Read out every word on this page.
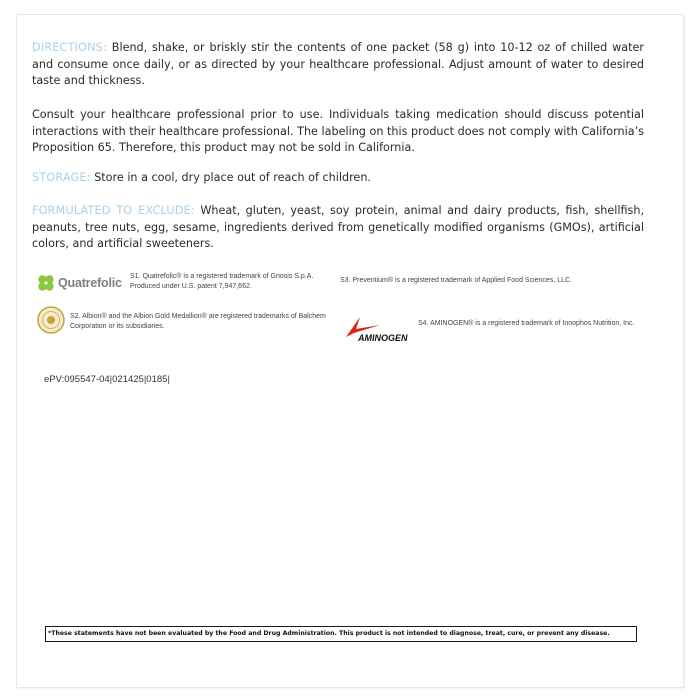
DIRECTIONS: Blend, shake, or briskly stir the contents of one packet (58 g) into 10-12 oz of chilled water and consume once daily, or as directed by your healthcare professional. Adjust amount of water to desired taste and thickness.

Consult your healthcare professional prior to use. Individuals taking medication should discuss potential interactions with their healthcare professional. The labeling on this product does not comply with California’s Proposition 65. Therefore, this product may not be sold in California.

STORAGE: Store in a cool, dry place out of reach of children.

FORMULATED TO EXCLUDE: Wheat, gluten, yeast, soy protein, animal and dairy products, fish, shellfish, peanuts, tree nuts, egg, sesame, ingredients derived from genetically modified organisms (GMOs), artificial colors, and artificial sweeteners.

Quatrefolic S1. Quatrefolic® is a registered trademark of Gnosis S.p.A. Produced under U.S. patent 7,947,662.
S2. Albion® and the Albion Gold Medallion® are registered trademarks of Balchem Corporation or its subsidiaries.
S3. Preventium® is a registered trademark of Applied Food Sciences, LLC.
AMINOGEN
S4. AMINOGEN® is a registered trademark of Innophos Nutrition, Inc.
ePV:095547-04|021425|0185|
*These statements have not been evaluated by the Food and Drug Administration. This product is not intended to diagnose, treat, cure, or prevent any disease.
